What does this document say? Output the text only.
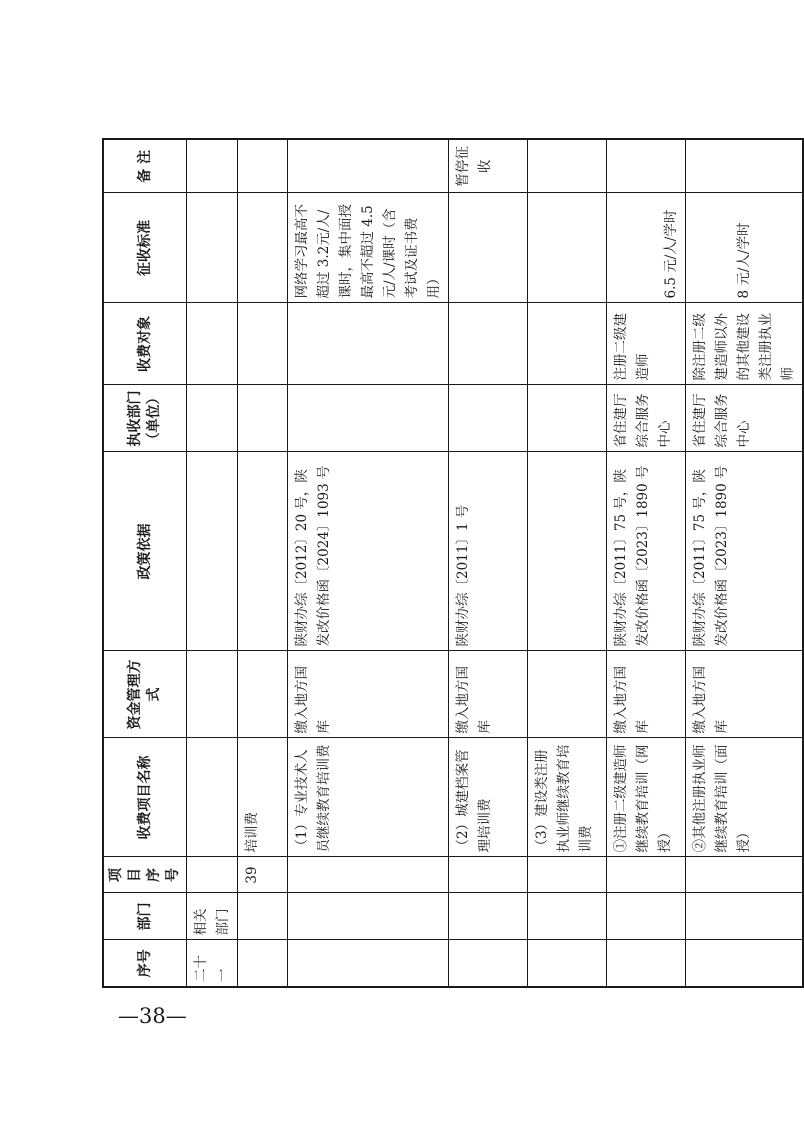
序号	部门	项目序号	收费项目名称	资金管理方式	政策依据	执收部门 （单位）	收费对象	征收标准	备 注
二十一	相关部门								
		39	培训费						
			（1）专业技术人员继续教育培训费	缴入地方国库	陕财办综〔2012〕20 号，陕发改价格函〔2024〕1093 号			网络学习最高不超过 3.2元/人/课时，集中面授最高不超过 4.5 元/人/课时（含考试及证书费用）	
			（2）城建档案管理培训费	缴入地方国库	陕财办综〔2011〕1 号				暂停征收
			（3）建设类注册执业师继续教育培训费						
			①注册二级建造师继续教育培训（网授）	缴入地方国库	陕财办综〔2011〕75 号，陕发改价格函〔2023〕1890 号	省住建厅综合服务中心	注册二级建造师	6.5 元/人/学时	
			②其他注册执业师继续教育培训（面授）	缴入地方国库	陕财办综〔2011〕75 号，陕发改价格函〔2023〕1890 号	省住建厅综合服务中心	除注册二级建造师以外的其他建设类注册执业师	8 元/人/学时	
—38—
